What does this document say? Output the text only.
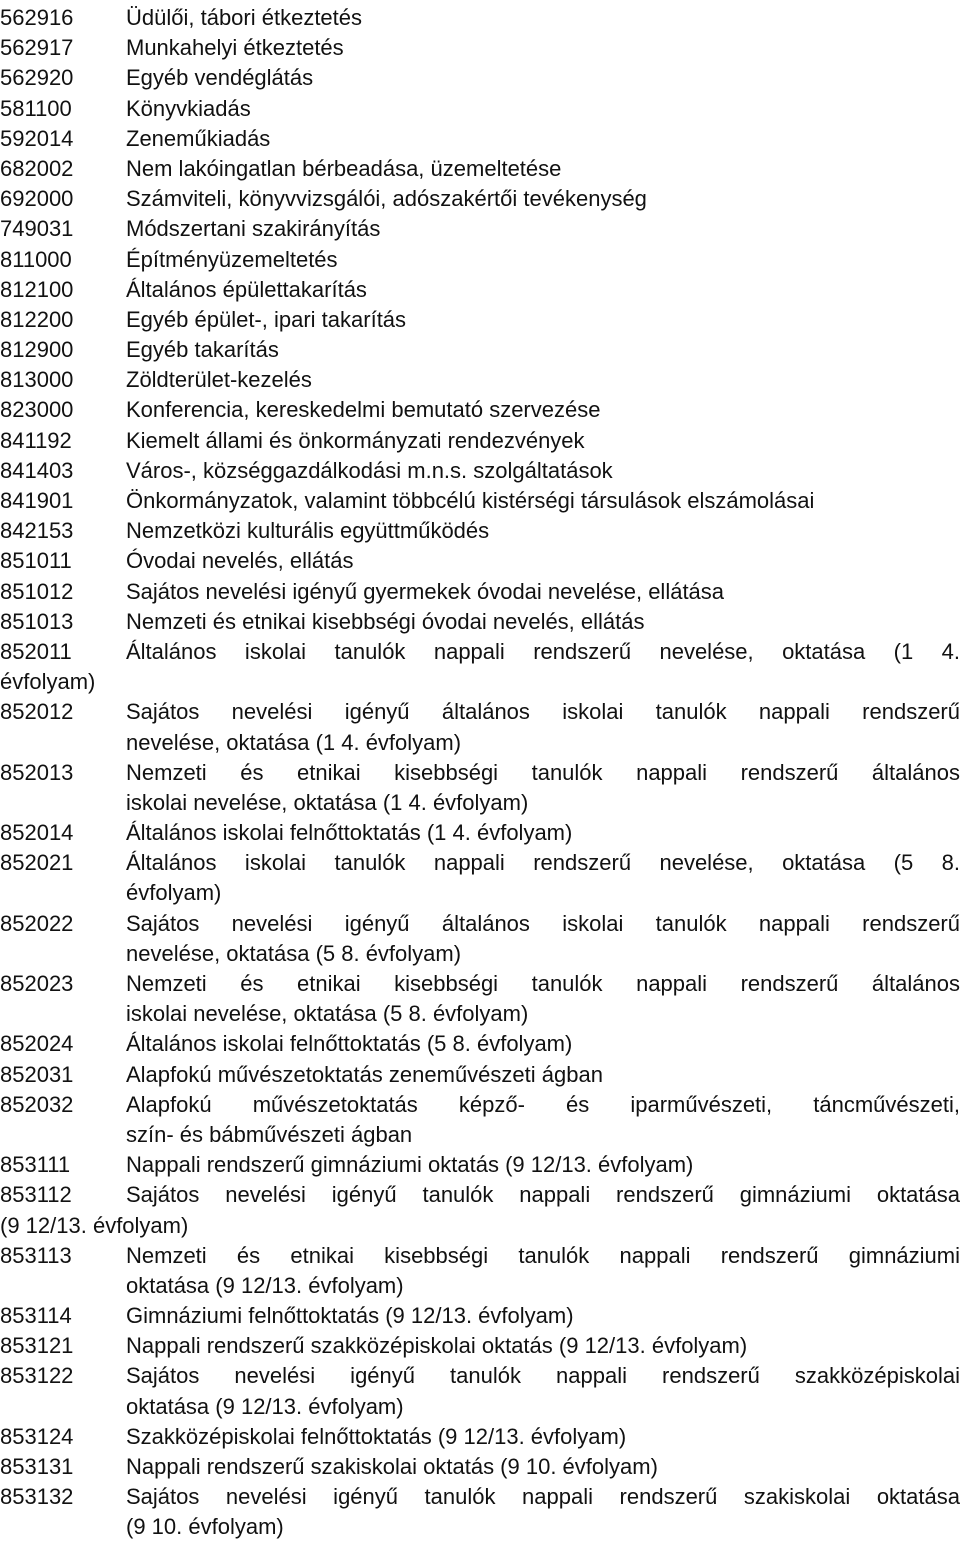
562916 Üdülői, tábori étkeztetés
562917 Munkahelyi étkeztetés
562920 Egyéb vendéglátás
581100 Könyvkiadás
592014 Zeneműkiadás
682002 Nem lakóingatlan bérbeadása, üzemeltetése
692000 Számviteli, könyvvizsgálói, adószakértői tevékenység
749031 Módszertani szakirányítás
811000 Építményüzemeltetés
812100 Általános épülettakarítás
812200 Egyéb épület-, ipari takarítás
812900 Egyéb takarítás
813000 Zöldterület-kezelés
823000 Konferencia, kereskedelmi bemutató szervezése
841192 Kiemelt állami és önkormányzati rendezvények
841403 Város-, községgazdálkodási m.n.s. szolgáltatások
841901 Önkormányzatok, valamint többcélú kistérségi társulások elszámolásai
842153 Nemzetközi kulturális együttműködés
851011 Óvodai nevelés, ellátás
851012 Sajátos nevelési igényű gyermekek óvodai nevelése, ellátása
851013 Nemzeti és etnikai kisebbségi óvodai nevelés, ellátás
852011	Általános iskolai tanulók nappali rendszerű nevelése, oktatása (1 4.
évfolyam)
852012 Sajátos nevelési igényű általános iskolai tanulók nappali rendszerű
nevelése, oktatása (1 4. évfolyam)
852013 Nemzeti és etnikai kisebbségi tanulók nappali rendszerű általános
iskolai nevelése, oktatása (1 4. évfolyam)
852014 Általános iskolai felnőttoktatás (1 4. évfolyam)
852021 Általános iskolai tanulók nappali rendszerű nevelése, oktatása (5 8.
évfolyam)
852022 Sajátos nevelési igényű általános iskolai tanulók nappali rendszerű
nevelése, oktatása (5 8. évfolyam)
852023 Nemzeti és etnikai kisebbségi tanulók nappali rendszerű általános
iskolai nevelése, oktatása (5 8. évfolyam)
852024 Általános iskolai felnőttoktatás (5 8. évfolyam)
852031 Alapfokú művészetoktatás zeneművészeti ágban
852032 Alapfokú művészetoktatás képző- és iparművészeti, táncművészeti,
szín- és bábművészeti ágban
853111	Nappali rendszerű gimnáziumi oktatás (9 12/13. évfolyam)
853112	Sajátos nevelési igényű tanulók nappali rendszerű gimnáziumi oktatása
(9 12/13. évfolyam)
853113 Nemzeti és etnikai kisebbségi tanulók nappali rendszerű gimnáziumi
oktatása (9 12/13. évfolyam)
853114 Gimnáziumi felnőttoktatás (9 12/13. évfolyam)
853121 Nappali rendszerű szakközépiskolai oktatás (9 12/13. évfolyam)
853122 Sajátos nevelési igényű tanulók nappali rendszerű szakközépiskolai
oktatása (9 12/13. évfolyam)
853124 Szakközépiskolai felnőttoktatás (9 12/13. évfolyam)
853131 Nappali rendszerű szakiskolai oktatás (9 10. évfolyam)
853132 Sajátos nevelési igényű tanulók nappali rendszerű szakiskolai oktatása
(9 10. évfolyam)
